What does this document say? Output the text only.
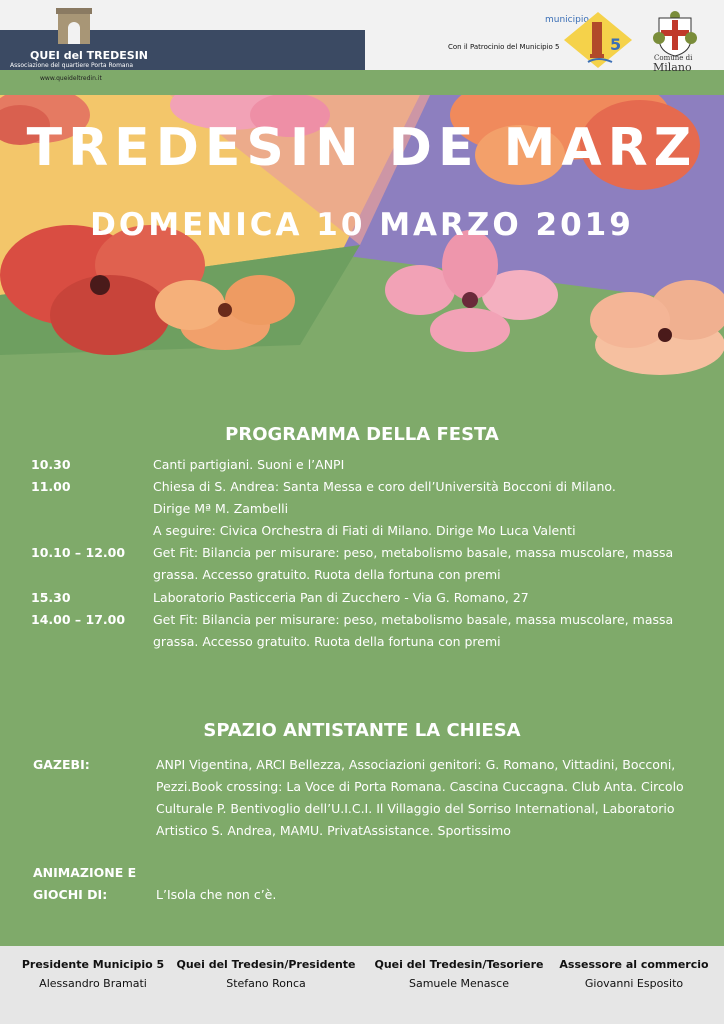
QUEI del TREDESIN
Associazione del quartiere Porta Romana
www.queideltredin.it
Con il Patrocinio del Municipio 5
municipio
5
Comune di
Milano
TREDESIN DE MARZ
DOMENICA 10 MARZO 2019
PROGRAMMA DELLA FESTA
10.30	Canti partigiani. Suoni e l’ANPI
11.00	Chiesa di S. Andrea: Santa Messa e coro dell’Università Bocconi di Milano.
Dirige Mª M. Zambelli
A seguire: Civica Orchestra di Fiati di Milano. Dirige Mo Luca Valenti
10.10 – 12.00 Get Fit: Bilancia per misurare: peso, metabolismo basale, massa muscolare, massa
grassa. Accesso gratuito. Ruota della fortuna con premi
15.30	Laboratorio Pasticceria Pan di Zucchero - Via G. Romano, 27
14.00 – 17.00 Get Fit: Bilancia per misurare: peso, metabolismo basale, massa muscolare, massa
grassa. Accesso gratuito. Ruota della fortuna con premi
SPAZIO ANTISTANTE LA CHIESA
GAZEBI:	ANPI Vigentina, ARCI Bellezza, Associazioni genitori: G. Romano, Vittadini, Bocconi,
Pezzi.Book crossing: La Voce di Porta Romana. Cascina Cuccagna. Club Anta. Circolo
Culturale P. Bentivoglio dell’U.I.C.I. Il Villaggio del Sorriso International, Laboratorio
Artistico S. Andrea, MAMU. PrivatAssistance. Sportissimo
ANIMAZIONE E
GIOCHI DI:	L’Isola che non c’è.
Presidente Municipio 5
Alessandro Bramati
Quei del Tredesin/Presidente
Stefano Ronca
Quei del Tredesin/Tesoriere
Samuele Menasce
Assessore al commercio
Giovanni Esposito
